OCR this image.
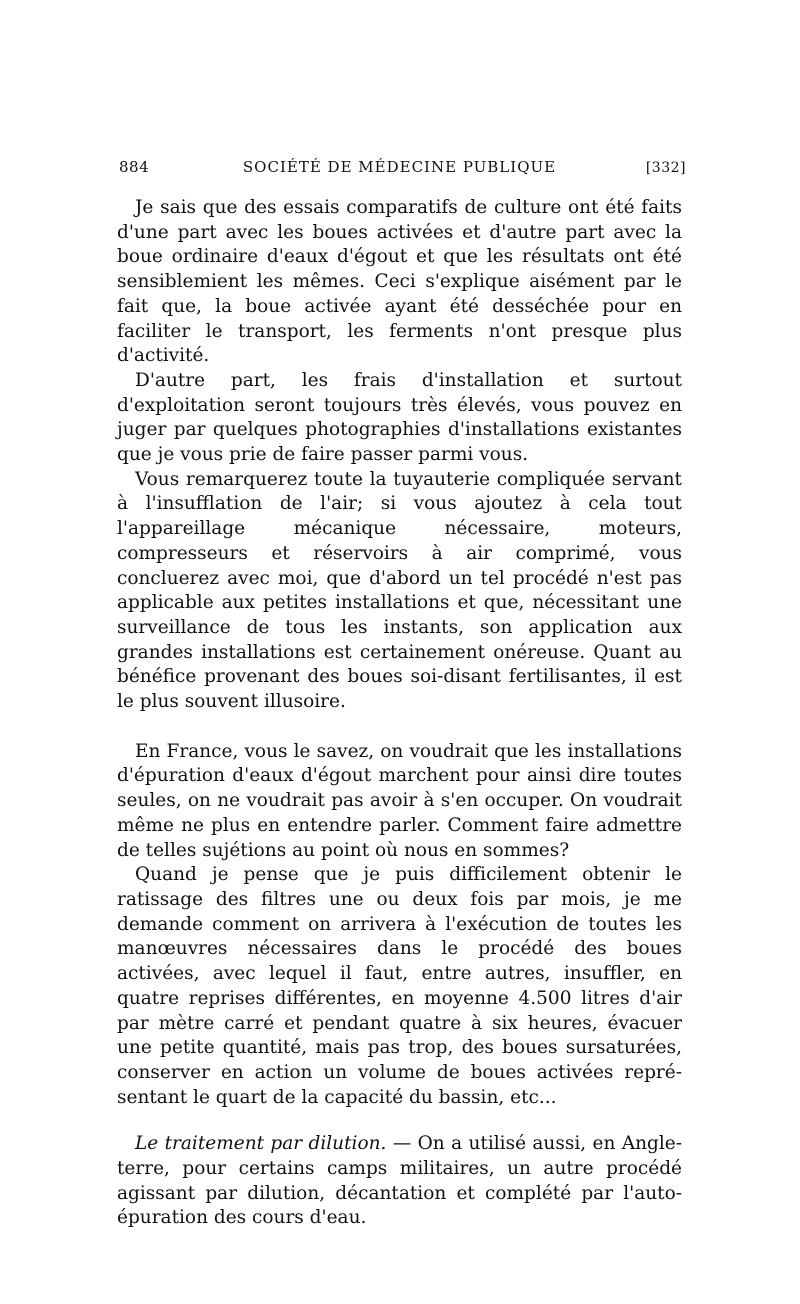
884	SOCIÉTÉ DE MÉDECINE PUBLIQUE	[332]

Je sais que des essais comparatifs de culture ont été faits d'une part avec les boues activées et d'autre part avec la boue ordinaire d'eaux d'égout et que les résultats ont été sensiblemient les mêmes. Ceci s'explique aisément par le fait que, la boue activée ayant été desséchée pour en faciliter le transport, les ferments n'ont presque plus d'activité.

D'autre part, les frais d'installation et surtout d'exploitation seront toujours très élevés, vous pouvez en juger par quelques photographies d'installations existantes que je vous prie de faire passer parmi vous.

Vous remarquerez toute la tuyauterie compliquée servant à l'insufflation de l'air; si vous ajoutez à cela tout l'appareillage mécanique nécessaire, moteurs, compresseurs et réservoirs à air comprimé, vous concluerez avec moi, que d'abord un tel procédé n'est pas applicable aux petites installations et que, nécessitant une surveillance de tous les instants, son application aux grandes installations est certainement onéreuse. Quant au bénéfice provenant des boues soi-disant fertilisantes, il est le plus souvent illusoire.

En France, vous le savez, on voudrait que les installations d'épuration d'eaux d'égout marchent pour ainsi dire toutes seules, on ne voudrait pas avoir à s'en occuper. On voudrait même ne plus en entendre parler. Comment faire admettre de telles sujétions au point où nous en sommes?

Quand je pense que je puis difficilement obtenir le ratissage des filtres une ou deux fois par mois, je me demande comment on arrivera à l'exécution de toutes les manœuvres nécessaires dans le procédé des boues activées, avec lequel il faut, entre autres, insuffler, en quatre reprises différentes, en moyenne 4.500 litres d'air par mètre carré et pendant quatre à six heures, évacuer une petite quantité, mais pas trop, des boues sursaturées, conserver en action un volume de boues activées représentant le quart de la capacité du bassin, etc...

Le traitement par dilution. — On a utilisé aussi, en Angleterre, pour certains camps militaires, un autre procédé agissant par dilution, décantation et complété par l'auto-épuration des cours d'eau.
